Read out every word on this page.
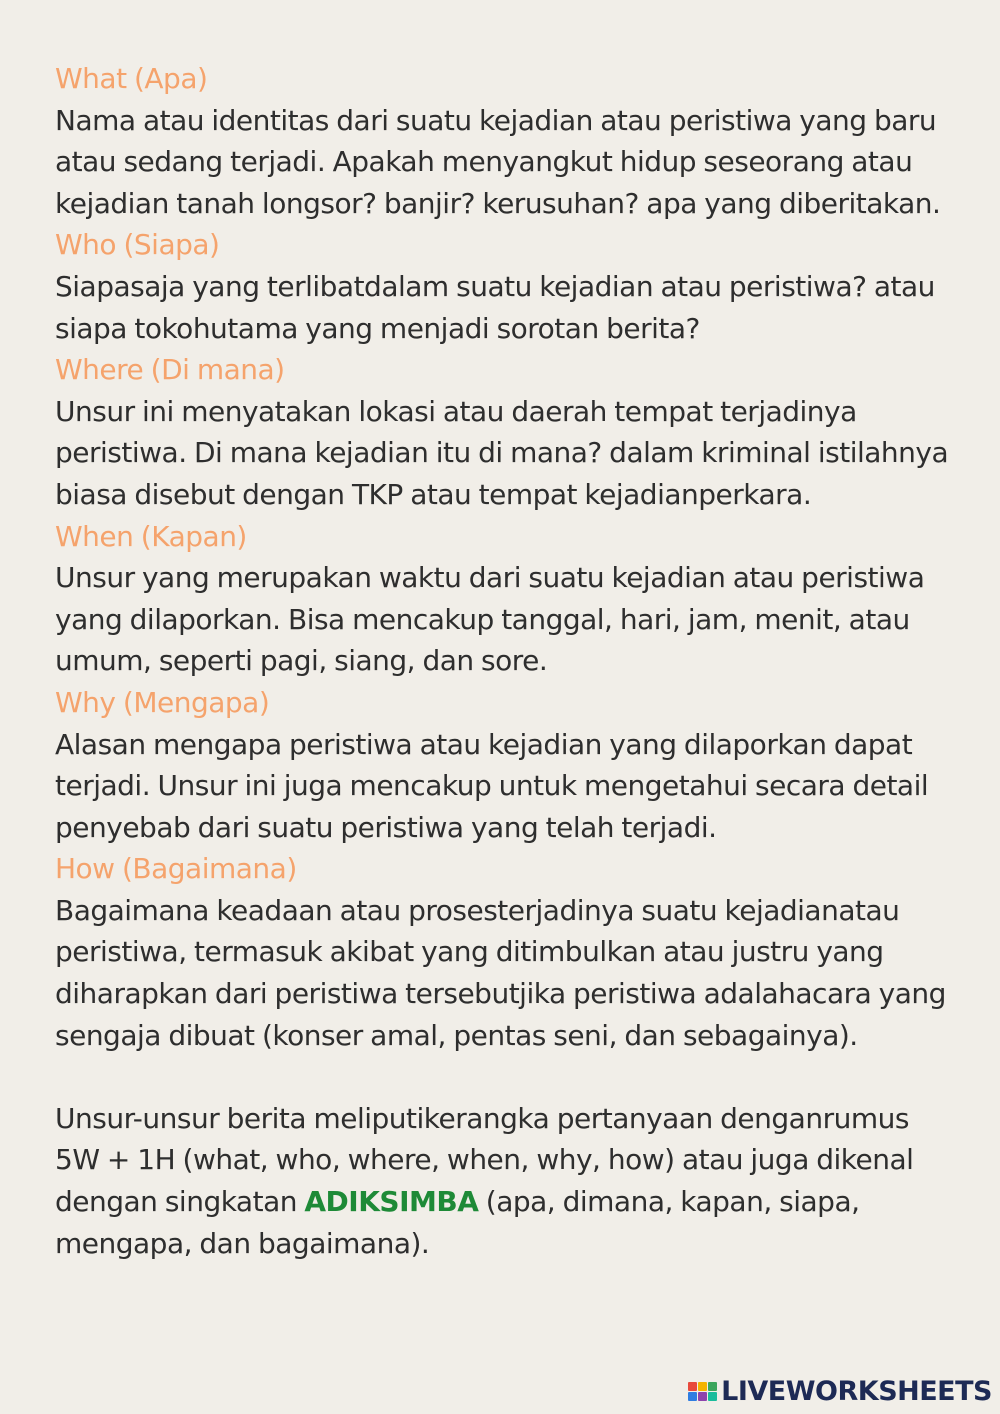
What (Apa)

Nama atau identitas dari suatu kejadian atau peristiwa yang baru atau sedang terjadi. Apakah menyangkut hidup seseorang atau kejadian tanah longsor? banjir? kerusuhan? apa yang diberitakan.

Who (Siapa)

Siapasaja yang terlibatdalam suatu kejadian atau peristiwa? atau siapa tokohutama yang menjadi sorotan berita?

Where (Di mana)

Unsur ini menyatakan lokasi atau daerah tempat terjadinya peristiwa. Di mana kejadian itu di mana? dalam kriminal istilahnya biasa disebut dengan TKP atau tempat kejadianperkara.

When (Kapan)

Unsur yang merupakan waktu dari suatu kejadian atau peristiwa yang dilaporkan. Bisa mencakup tanggal, hari, jam, menit, atau umum, seperti pagi, siang, dan sore.

Why (Mengapa)

Alasan mengapa peristiwa atau kejadian yang dilaporkan dapat terjadi. Unsur ini juga mencakup untuk mengetahui secara detail penyebab dari suatu peristiwa yang telah terjadi.

How (Bagaimana)

Bagaimana keadaan atau prosesterjadinya suatu kejadianatau peristiwa, termasuk akibat yang ditimbulkan atau justru yang diharapkan dari peristiwa tersebutjika peristiwa adalahacara yang sengaja dibuat (konser amal, pentas seni, dan sebagainya).

Unsur-unsur berita meliputikerangka pertanyaan denganrumus 5W + 1H (what, who, where, when, why, how) atau juga dikenal dengan singkatan ADIKSIMBA (apa, dimana, kapan, siapa, mengapa, dan bagaimana).

LIVEWORKSHEETS
